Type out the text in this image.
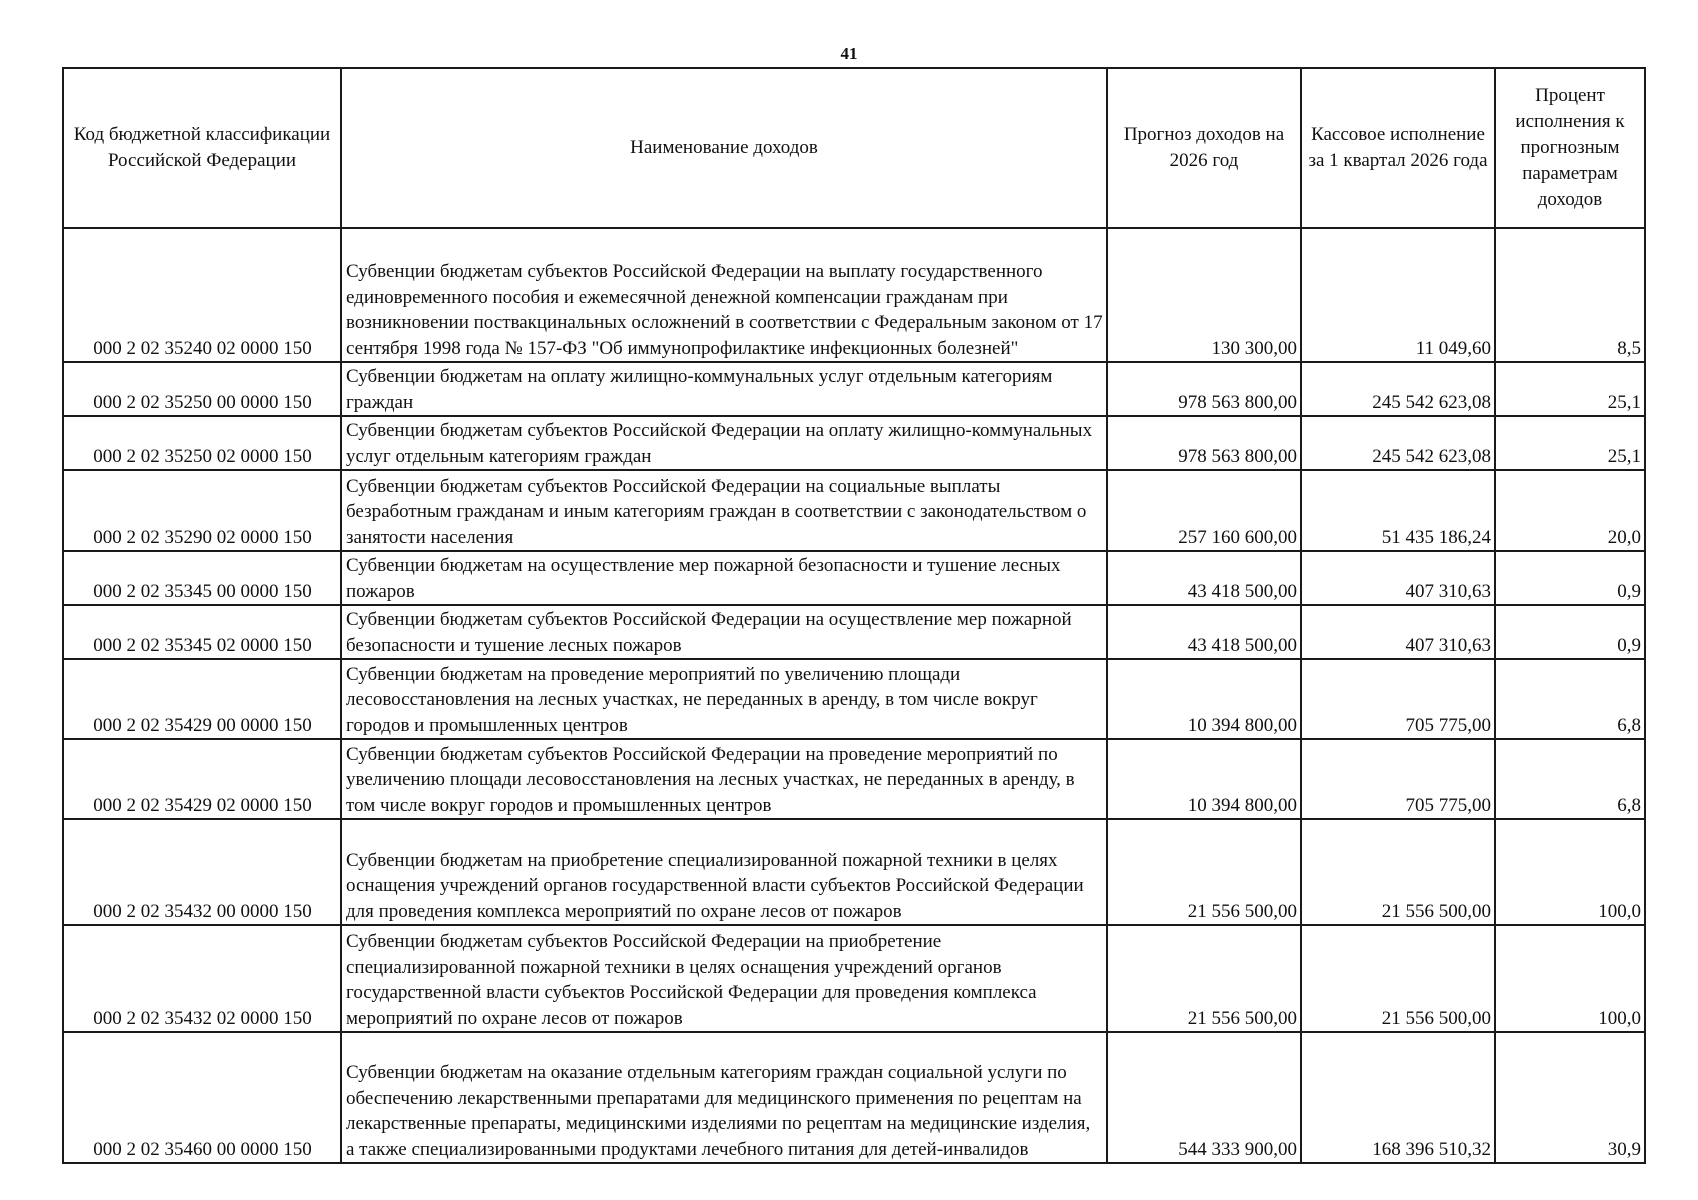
41
Код бюджетной классификации Российской Федерации	Наименование доходов	Прогноз доходов на 2026 год	Кассовое исполнение за 1 квартал 2026 года	Процент исполнения к прогнозным параметрам доходов
000 2 02 35240 02 0000 150	Субвенции бюджетам субъектов Российской Федерации на выплату государственного единовременного пособия и ежемесячной денежной компенсации гражданам при возникновении поствакцинальных осложнений в соответствии с Федеральным законом от 17 сентября 1998 года № 157-ФЗ "Об иммунопрофилактике инфекционных болезней"	130 300,00	11 049,60	8,5
000 2 02 35250 00 0000 150	Субвенции бюджетам на оплату жилищно-коммунальных услуг отдельным категориям граждан	978 563 800,00	245 542 623,08	25,1
000 2 02 35250 02 0000 150	Субвенции бюджетам субъектов Российской Федерации на оплату жилищно-коммунальных услуг отдельным категориям граждан	978 563 800,00	245 542 623,08	25,1
000 2 02 35290 02 0000 150	Субвенции бюджетам субъектов Российской Федерации на социальные выплаты безработным гражданам и иным категориям граждан в соответствии с законодательством о занятости населения	257 160 600,00	51 435 186,24	20,0
000 2 02 35345 00 0000 150	Субвенции бюджетам на осуществление мер пожарной безопасности и тушение лесных пожаров	43 418 500,00	407 310,63	0,9
000 2 02 35345 02 0000 150	Субвенции бюджетам субъектов Российской Федерации на осуществление мер пожарной безопасности и тушение лесных пожаров	43 418 500,00	407 310,63	0,9
000 2 02 35429 00 0000 150	Субвенции бюджетам на проведение мероприятий по увеличению площади лесовосстановления на лесных участках, не переданных в аренду, в том числе вокруг городов и промышленных центров	10 394 800,00	705 775,00	6,8
000 2 02 35429 02 0000 150	Субвенции бюджетам субъектов Российской Федерации на проведение мероприятий по увеличению площади лесовосстановления на лесных участках, не переданных в аренду, в том числе вокруг городов и промышленных центров	10 394 800,00	705 775,00	6,8
000 2 02 35432 00 0000 150	Субвенции бюджетам на приобретение специализированной пожарной техники в целях оснащения учреждений органов государственной власти субъектов Российской Федерации для проведения комплекса мероприятий по охране лесов от пожаров	21 556 500,00	21 556 500,00	100,0
000 2 02 35432 02 0000 150	Субвенции бюджетам субъектов Российской Федерации на приобретение специализированной пожарной техники в целях оснащения учреждений органов государственной власти субъектов Российской Федерации для проведения комплекса мероприятий по охране лесов от пожаров	21 556 500,00	21 556 500,00	100,0
000 2 02 35460 00 0000 150	Субвенции бюджетам на оказание отдельным категориям граждан социальной услуги по обеспечению лекарственными препаратами для медицинского применения по рецептам на лекарственные препараты, медицинскими изделиями по рецептам на медицинские изделия, а также специализированными продуктами лечебного питания для детей-инвалидов	544 333 900,00	168 396 510,32	30,9
